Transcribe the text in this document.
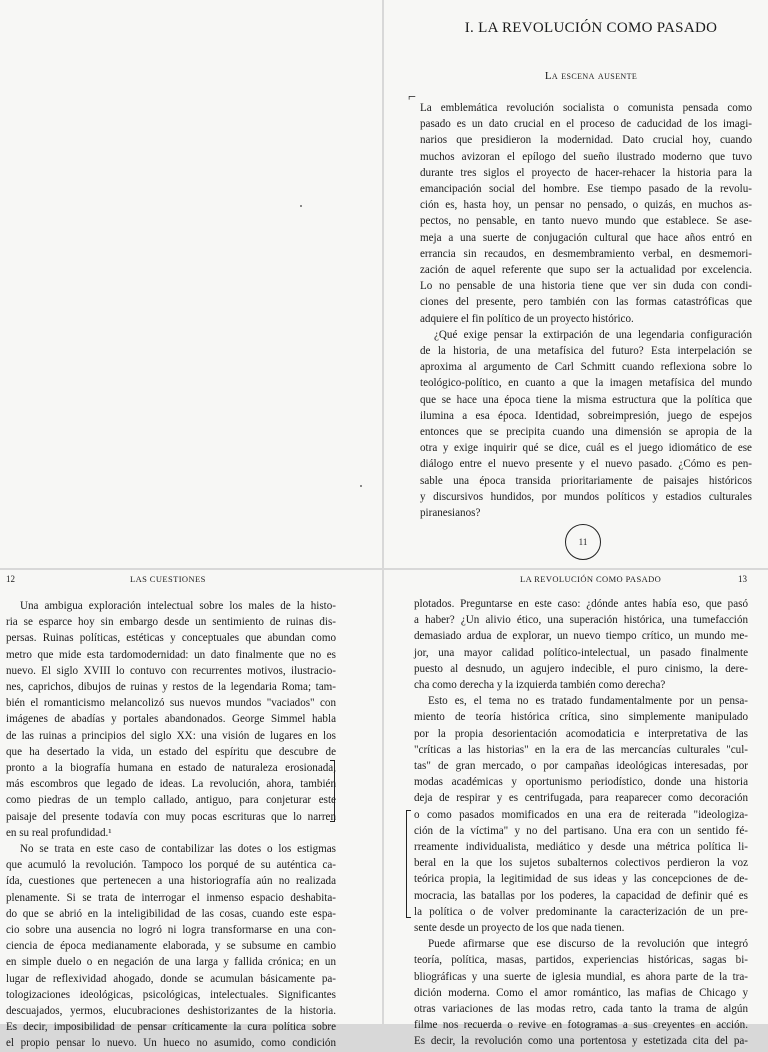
I. LA REVOLUCIÓN COMO PASADO
La escena ausente
⌐
La emblemática revolución socialista o comunista pensada como
pasado es un dato crucial en el proceso de caducidad de los imagi-
narios que presidieron la modernidad. Dato crucial hoy, cuando
muchos avizoran el epílogo del sueño ilustrado moderno que tuvo
durante tres siglos el proyecto de hacer-rehacer la historia para la
emancipación social del hombre. Ese tiempo pasado de la revolu-
ción es, hasta hoy, un pensar no pensado, o quizás, en muchos as-
pectos, no pensable, en tanto nuevo mundo que establece. Se ase-
meja a una suerte de conjugación cultural que hace años entró en
errancia sin recaudos, en desmembramiento verbal, en desmemori-
zación de aquel referente que supo ser la actualidad por excelencia.
Lo no pensable de una historia tiene que ver sin duda con condi-
ciones del presente, pero también con las formas catastróficas que
adquiere el fin político de un proyecto histórico.
¿Qué exige pensar la extirpación de una legendaria configuración
de la historia, de una metafísica del futuro? Esta interpelación se
aproxima al argumento de Carl Schmitt cuando reflexiona sobre lo
teológico-político, en cuanto a que la imagen metafísica del mundo
que se hace una época tiene la misma estructura que la política que
ilumina a esa época. Identidad, sobreimpresión, juego de espejos
entonces que se precipita cuando una dimensión se apropia de la
otra y exige inquirir qué se dice, cuál es el juego idiomático de ese
diálogo entre el nuevo presente y el nuevo pasado. ¿Cómo es pen-
sable una época transida prioritariamente de paisajes históricos
y discursivos hundidos, por mundos políticos y estadios culturales
piranesianos?
11
12	LAS CUESTIONES
Una ambigua exploración intelectual sobre los males de la histo-
ria se esparce hoy sin embargo desde un sentimiento de ruinas dis-
persas. Ruinas políticas, estéticas y conceptuales que abundan como
metro que mide esta tardomodernidad: un dato finalmente que no es
nuevo. El siglo XVIII lo contuvo con recurrentes motivos, ilustracio-
nes, caprichos, dibujos de ruinas y restos de la legendaria Roma; tam-
bién el romanticismo melancolizó sus nuevos mundos "vaciados" con
imágenes de abadías y portales abandonados. George Simmel habla
de las ruinas a principios del siglo XX: una visión de lugares en los
que ha desertado la vida, un estado del espíritu que descubre de
pronto a la biografía humana en estado de naturaleza erosionada,
más escombros que legado de ideas. La revolución, ahora, también
como piedras de un templo callado, antiguo, para conjeturar este
paisaje del presente todavía con muy pocas escrituras que lo narren
en su real profundidad.¹
No se trata en este caso de contabilizar las dotes o los estigmas
que acumuló la revolución. Tampoco los porqué de su auténtica ca-
ída, cuestiones que pertenecen a una historiografía aún no realizada
plenamente. Si se trata de interrogar el inmenso espacio deshabita-
do que se abrió en la inteligibilidad de las cosas, cuando este espa-
cio sobre una ausencia no logró ni logra transformarse en una con-
ciencia de época medianamente elaborada, y se subsume en cambio
en simple duelo o en negación de una larga y fallida crónica; en un
lugar de reflexividad ahogado, donde se acumulan básicamente pa-
tologizaciones ideológicas, psicológicas, intelectuales. Significantes
descuajados, yermos, elucubraciones deshistorizantes de la historia.
Es decir, imposibilidad de pensar críticamente la cura política sobre
el propio pensar lo nuevo. Un hueco no asumido, como condición
LA REVOLUCIÓN COMO PASADO	13
plotados. Preguntarse en este caso: ¿dónde antes había eso, que pasó
a haber? ¿Un alivio ético, una superación histórica, una tumefacción
demasiado ardua de explorar, un nuevo tiempo crítico, un mundo me-
jor, una mayor calidad político-intelectual, un pasado finalmente
puesto al desnudo, un agujero indecible, el puro cinismo, la dere-
cha como derecha y la izquierda también como derecha?
Esto es, el tema no es tratado fundamentalmente por un pensa-
miento de teoría histórica crítica, sino simplemente manipulado
por la propia desorientación acomodaticia e interpretativa de las
"críticas a las historias" en la era de las mercancías culturales "cul-
tas" de gran mercado, o por campañas ideológicas interesadas, por
modas académicas y oportunismo periodístico, donde una historia
deja de respirar y es centrifugada, para reaparecer como decoración
o como pasados momificados en una era de reiterada "ideologiza-
ción de la víctima" y no del partisano. Una era con un sentido fé-
rreamente individualista, mediático y desde una métrica política li-
beral en la que los sujetos subalternos colectivos perdieron la voz
teórica propia, la legitimidad de sus ideas y las concepciones de de-
mocracia, las batallas por los poderes, la capacidad de definir qué es
la política o de volver predominante la caracterización de un pre-
sente desde un proyecto de los que nada tienen.
Puede afirmarse que ese discurso de la revolución que integró
teoría, política, masas, partidos, experiencias históricas, sagas bi-
bliográficas y una suerte de iglesia mundial, es ahora parte de la tra-
dición moderna. Como el amor romántico, las mafias de Chicago y
otras variaciones de las modas retro, cada tanto la trama de algún
filme nos recuerda o revive en fotogramas a sus creyentes en acción.
Es decir, la revolución como una portentosa y estetizada cita del pa-
